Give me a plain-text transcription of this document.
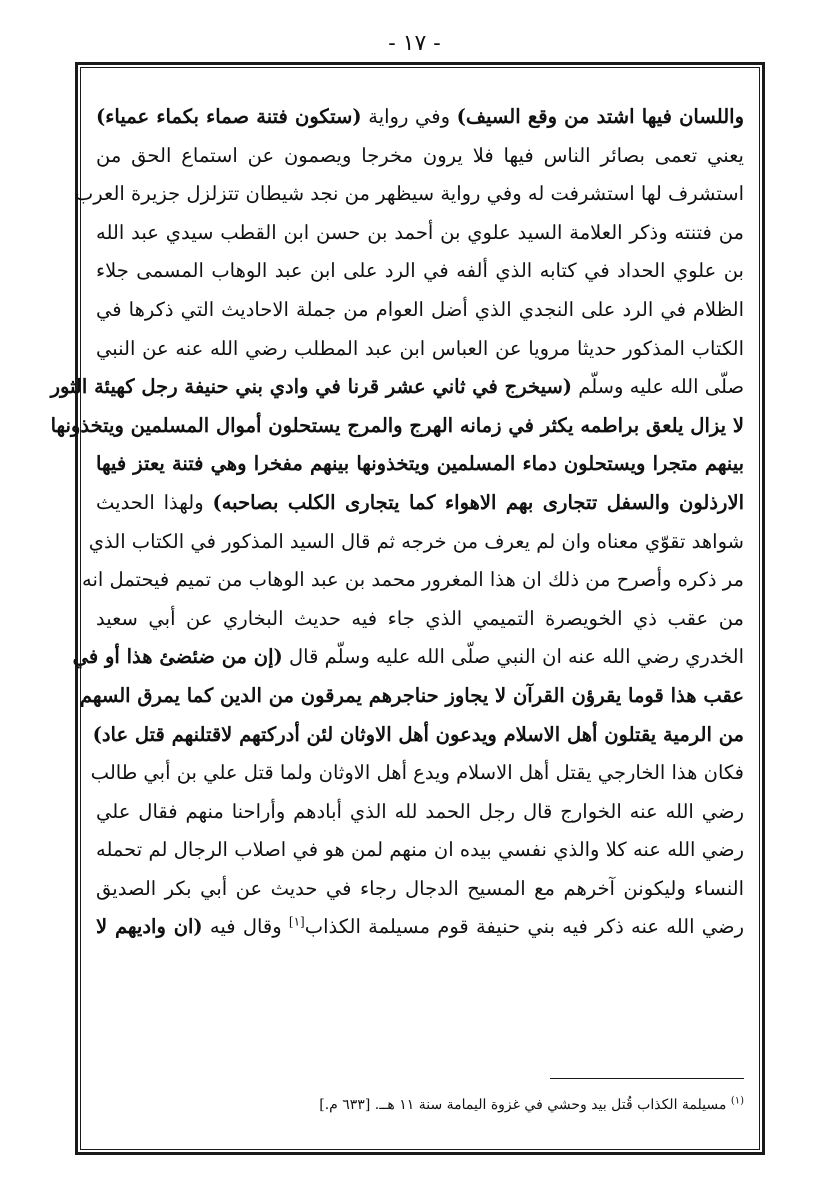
- ١٧ -
واللسان فيها اشتد من وقع السيف) وفي رواية (ستكون فتنة صماء بكماء عمياء)
يعني تعمى بصائر الناس فيها فلا يرون مخرجا ويصمون عن استماع الحق من
استشرف لها استشرفت له وفي رواية سيظهر من نجد شيطان تتزلزل جزيرة العرب
من فتنته وذكر العلامة السيد علوي بن أحمد بن حسن ابن القطب سيدي عبد الله
بن علوي الحداد في كتابه الذي ألفه في الرد على ابن عبد الوهاب المسمى جلاء
الظلام في الرد على النجدي الذي أضل العوام من جملة الاحاديث التي ذكرها في
الكتاب المذكور حديثا مرويا عن العباس ابن عبد المطلب رضي الله عنه عن النبي
صلّى الله عليه وسلّم (سيخرج في ثاني عشر قرنا في وادي بني حنيفة رجل كهيئة الثور
لا يزال يلعق براطمه يكثر في زمانه الهرج والمرج يستحلون أموال المسلمين ويتخذونها
بينهم متجرا ويستحلون دماء المسلمين ويتخذونها بينهم مفخرا وهي فتنة يعتز فيها
الارذلون والسفل تتجارى بهم الاهواء كما يتجارى الكلب بصاحبه) ولهذا الحديث
شواهد تقوّي معناه وان لم يعرف من خرجه ثم قال السيد المذكور في الكتاب الذي
مر ذكره وأصرح من ذلك ان هذا المغرور محمد بن عبد الوهاب من تميم فيحتمل انه
من عقب ذي الخويصرة التميمي الذي جاء فيه حديث البخاري عن أبي سعيد
الخدري رضي الله عنه ان النبي صلّى الله عليه وسلّم قال (إن من ضئضئ هذا أو في
عقب هذا قوما يقرؤن القرآن لا يجاوز حناجرهم يمرقون من الدين كما يمرق السهم
من الرمية يقتلون أهل الاسلام ويدعون أهل الاوثان لئن أدركتهم لاقتلنهم قتل عاد)
فكان هذا الخارجي يقتل أهل الاسلام ويدع أهل الاوثان ولما قتل علي بن أبي طالب
رضي الله عنه الخوارج قال رجل الحمد لله الذي أبادهم وأراحنا منهم فقال علي
رضي الله عنه كلا والذي نفسي بيده ان منهم لمن هو في اصلاب الرجال لم تحمله
النساء وليكونن آخرهم مع المسيح الدجال رجاء في حديث عن أبي بكر الصديق
رضي الله عنه ذكر فيه بني حنيفة قوم مسيلمة الكذاب[١] وقال فيه (ان واديهم لا
$^{(١)}$ مسيلمة الكذاب قُتل بيد وحشي في غزوة اليمامة سنة ١١ هــ. [٦٣٣ م.]
